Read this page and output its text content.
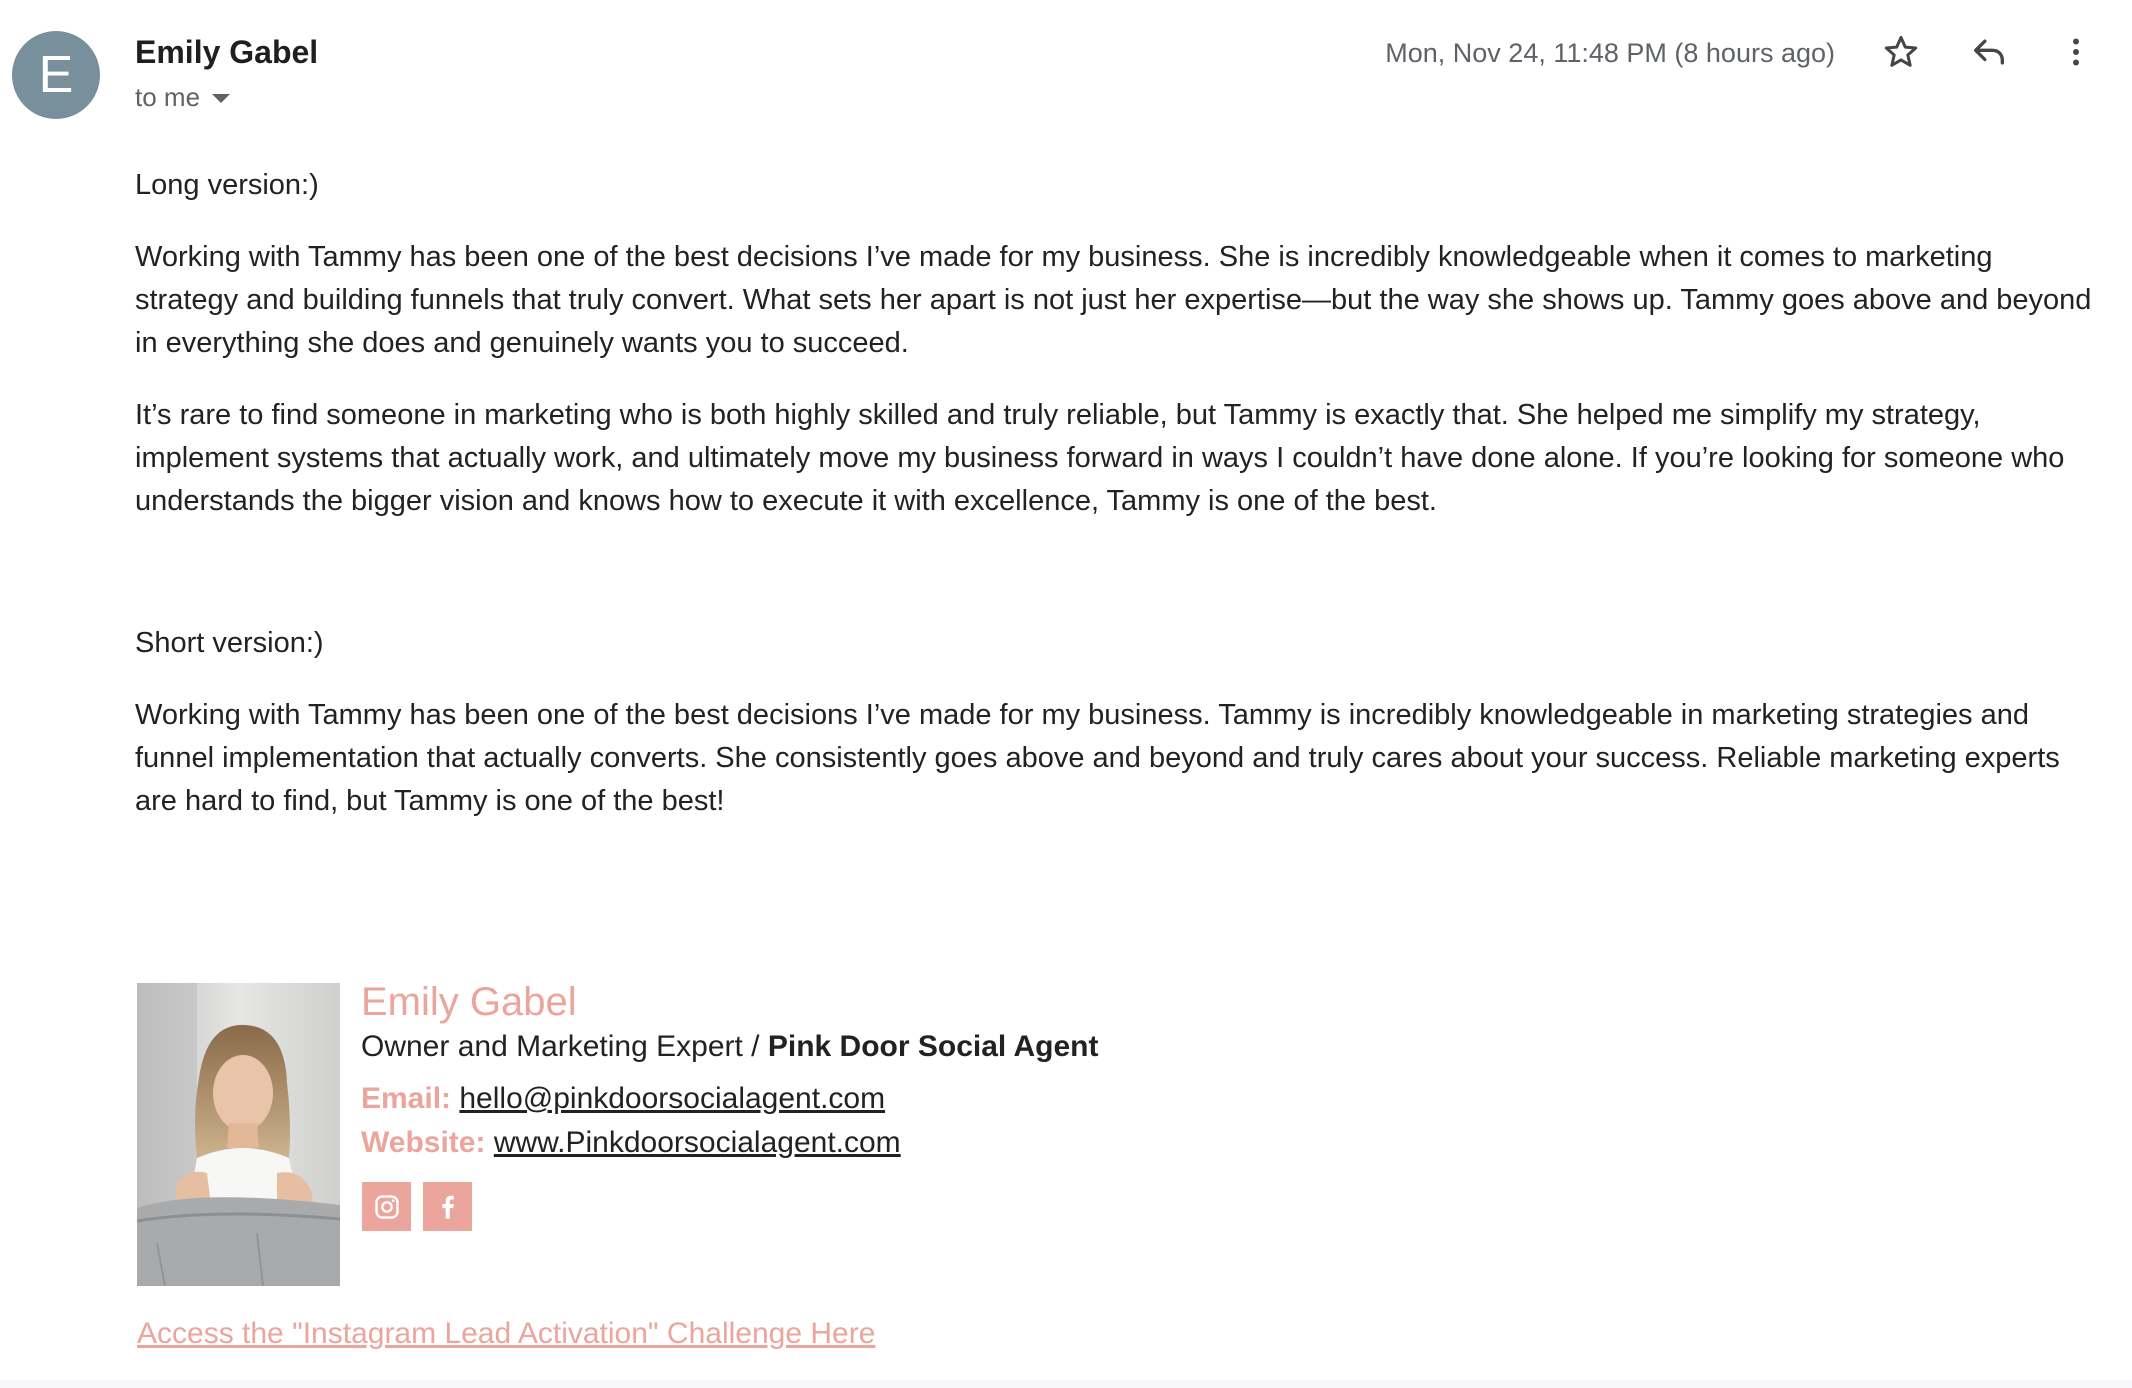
E	Emily Gabel
to me
Mon, Nov 24, 11:48 PM (8 hours ago)

Long version:)

Working with Tammy has been one of the best decisions I’ve made for my business. She is incredibly knowledgeable when it comes to marketing strategy and building funnels that truly convert. What sets her apart is not just her expertise—but the way she shows up. Tammy goes above and beyond in everything she does and genuinely wants you to succeed.

It’s rare to find someone in marketing who is both highly skilled and truly reliable, but Tammy is exactly that. She helped me simplify my strategy, implement systems that actually work, and ultimately move my business forward in ways I couldn’t have done alone. If you’re looking for someone who understands the bigger vision and knows how to execute it with excellence, Tammy is one of the best.

Short version:)

Working with Tammy has been one of the best decisions I’ve made for my business. Tammy is incredibly knowledgeable in marketing strategies and funnel implementation that actually converts. She consistently goes above and beyond and truly cares about your success. Reliable marketing experts are hard to find, but Tammy is one of the best!

Emily Gabel
Owner and Marketing Expert / Pink Door Social Agent
Email: hello@pinkdoorsocialagent.com
Website: www.Pinkdoorsocialagent.com
Access the "Instagram Lead Activation" Challenge Here
